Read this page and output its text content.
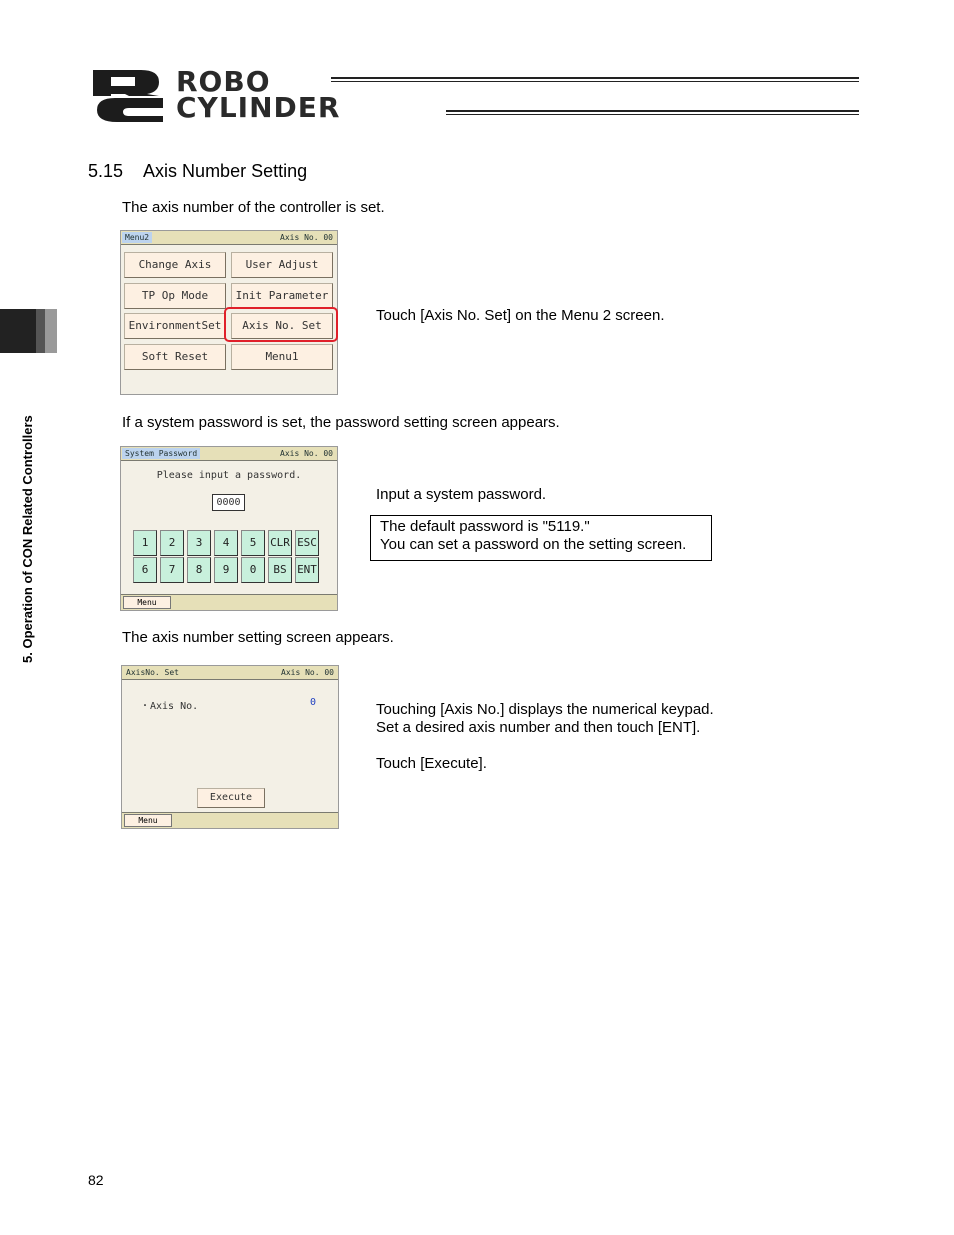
ROBO
CYLINDER
5. Operation of CON Related Controllers
5.15 Axis Number Setting
The axis number of the controller is set.
Menu2	Axis No. 00
Change Axis	User Adjust
TP Op Mode	Init Parameter
EnvironmentSet	Axis No. Set
Soft Reset	Menu1
Touch [Axis No. Set] on the Menu 2 screen.
If a system password is set, the password setting screen appears.
System Password	Axis No. 00
Please input a password.
0000
1	2	3	4	5	CLR ESC
6	7	8	9	0	BS ENT
Menu
Input a system password.
The default password is "5119."
You can set a password on the setting screen.
The axis number setting screen appears.
AxisNo. Set	Axis No. 00
・Axis No.	0
Execute
Menu
Touching [Axis No.] displays the numerical keypad.
Set a desired axis number and then touch [ENT].
Touch [Execute].
82
